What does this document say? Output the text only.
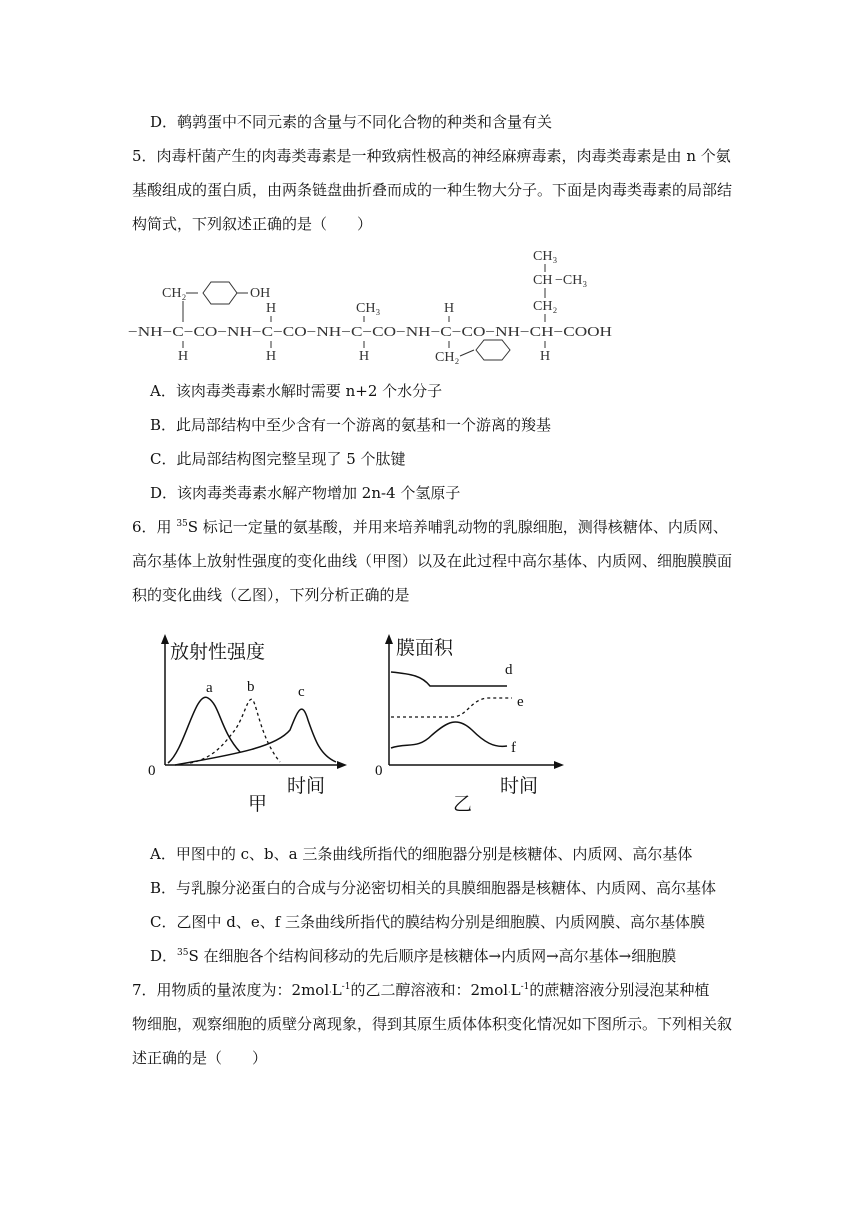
D．鹌鹑蛋中不同元素的含量与不同化合物的种类和含量有关
5．肉毒杆菌产生的肉毒类毒素是一种致病性极高的神经麻痹毒素，肉毒类毒素是由 n 个氨
基酸组成的蛋白质，由两条链盘曲折叠而成的一种生物大分子。下面是肉毒类毒素的局部结
构简式，下列叙述正确的是（　　）
CH₃
CH −CH₃
CH₂
CH₂	OH
H	CH₃	H
−NH−C−CO−NH−C−CO−NH−C−CO−NH−C−CO−NH−CH−COOH
H	H	H	CH₂	H
A．该肉毒类毒素水解时需要 n+2 个水分子
B．此局部结构中至少含有一个游离的氨基和一个游离的羧基
C．此局部结构图完整呈现了 5 个肽键
D．该肉毒类毒素水解产物增加 2n-4 个氢原子
6．用 $^{35}$S 标记一定量的氨基酸，并用来培养哺乳动物的乳腺细胞，测得核糖体、内质网、
高尔基体上放射性强度的变化曲线（甲图）以及在此过程中高尔基体、内质网、细胞膜膜面
积的变化曲线（乙图），下列分析正确的是
放射性强度
时间
0
甲
a b	c
膜面积
时间
0
乙
d
e
f
A．甲图中的 c、b、a 三条曲线所指代的细胞器分别是核糖体、内质网、高尔基体
B．与乳腺分泌蛋白的合成与分泌密切相关的具膜细胞器是核糖体、内质网、高尔基体
C．乙图中 d、e、f 三条曲线所指代的膜结构分别是细胞膜、内质网膜、高尔基体膜
D．$^{35}$S 在细胞各个结构间移动的先后顺序是核糖体→内质网→高尔基体→细胞膜
7．用物质的量浓度为：$2mol\cdot L^{-1}$的乙二醇溶液和：$2mol\cdot L^{-1}$的蔗糖溶液分别浸泡某种植
物细胞，观察细胞的质壁分离现象，得到其原生质体体积变化情况如下图所示。下列相关叙
述正确的是（　　）
